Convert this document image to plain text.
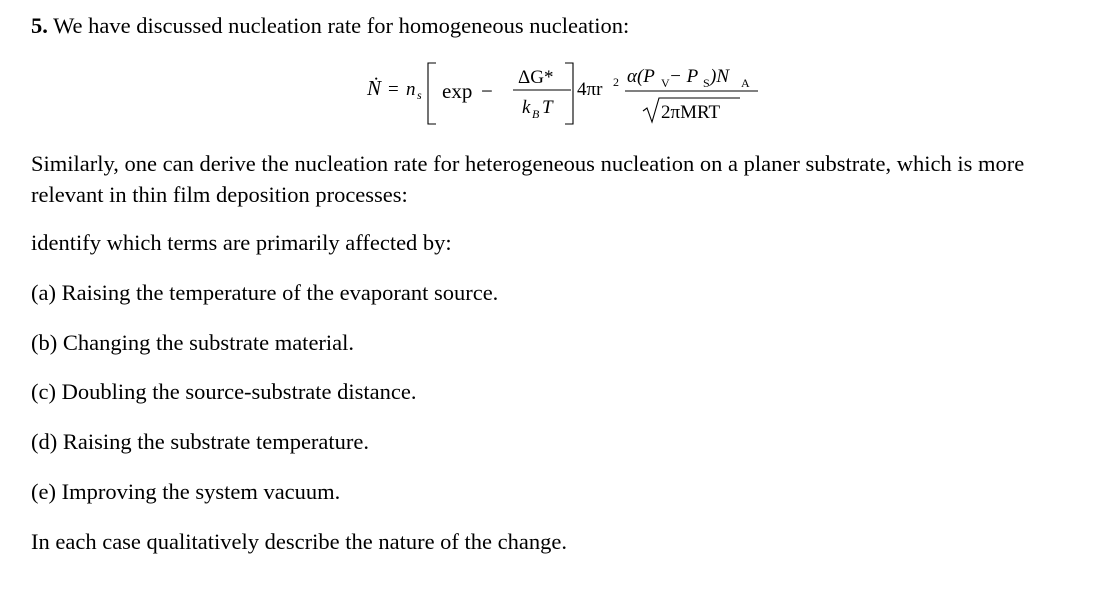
5. We have discussed nucleation rate for homogeneous nucleation:
Ṅ = n s exp −
ΔG*
k B T
4πr 2 α(P V − P S )N A
2πMRT
Similarly, one can derive the nucleation rate for heterogeneous nucleation on a planer substrate, which is more relevant in thin film deposition processes:
identify which terms are primarily affected by:
(a) Raising the temperature of the evaporant source.
(b) Changing the substrate material.
(c) Doubling the source-substrate distance.
(d) Raising the substrate temperature.
(e) Improving the system vacuum.
In each case qualitatively describe the nature of the change.
